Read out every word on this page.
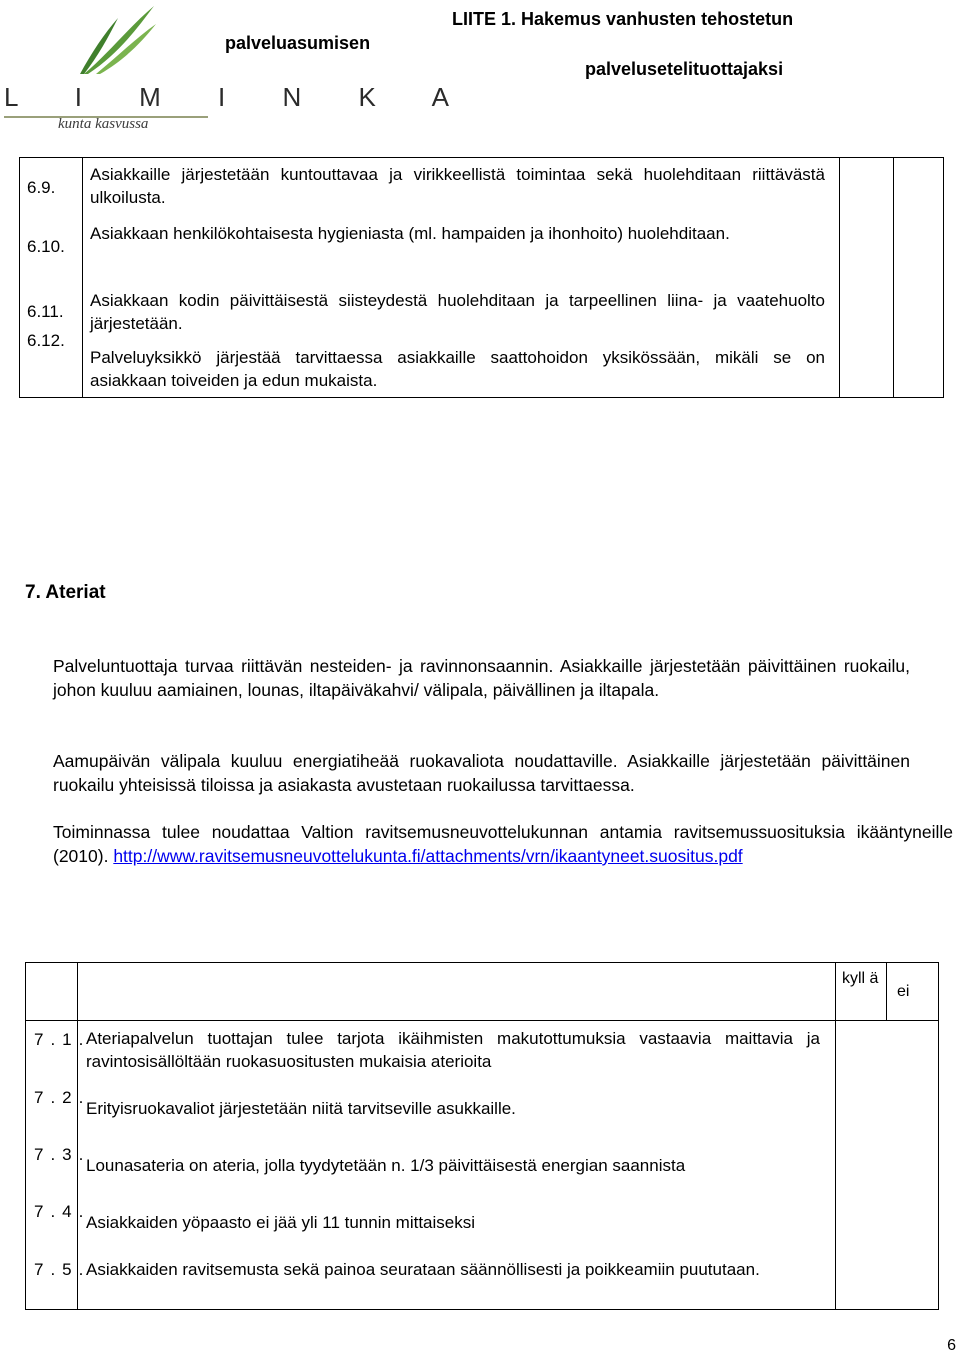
L I M I N K A
kunta kasvussa
palveluasumisen
LIITE 1. Hakemus vanhusten tehostetun
palvelusetelituottajaksi
6.9.
Asiakkaille järjestetään kuntouttavaa ja virikkeellistä toimintaa sekä huolehditaan riittävästä ulkoilusta.
6.10.
Asiakkaan henkilökohtaisesta hygieniasta (ml. hampaiden ja ihonhoito) huolehditaan.
6.11.
Asiakkaan kodin päivittäisestä siisteydestä huolehditaan ja tarpeellinen liina- ja vaatehuolto järjestetään.
6.12.
Palveluyksikkö järjestää tarvittaessa asiakkaille saattohoidon yksikössään, mikäli se on asiakkaan toiveiden ja edun mukaista.
7. Ateriat
Palveluntuottaja turvaa riittävän nesteiden- ja ravinnonsaannin. Asiakkaille järjestetään päivittäinen ruokailu, johon kuuluu aamiainen, lounas, iltapäiväkahvi/ välipala, päivällinen ja iltapala.
Aamupäivän välipala kuuluu energiatiheää ruokavaliota noudattaville. Asiakkaille järjestetään päivittäinen ruokailu yhteisissä tiloissa ja asiakasta avustetaan ruokailussa tarvittaessa.
Toiminnassa tulee noudattaa Valtion ravitsemusneuvottelukunnan antamia ravitsemussuosituksia ikääntyneille (2010). http://www.ravitsemusneuvottelukunta.fi/attachments/vrn/ikaantyneet.suositus.pdf
kyll ä
ei
7.1.
Ateriapalvelun tuottajan tulee tarjota ikäihmisten makutottumuksia vastaavia maittavia ja ravintosisällöltään ruokasuositusten mukaisia aterioita
7.2.
Erityisruokavaliot järjestetään niitä tarvitseville asukkaille.
7.3.
Lounasateria on ateria, jolla tyydytetään n. 1/3 päivittäisestä energian saannista
7.4.
Asiakkaiden yöpaasto ei jää yli 11 tunnin mittaiseksi
7.5.
Asiakkaiden ravitsemusta sekä painoa seurataan säännöllisesti ja poikkeamiin puututaan.
6
